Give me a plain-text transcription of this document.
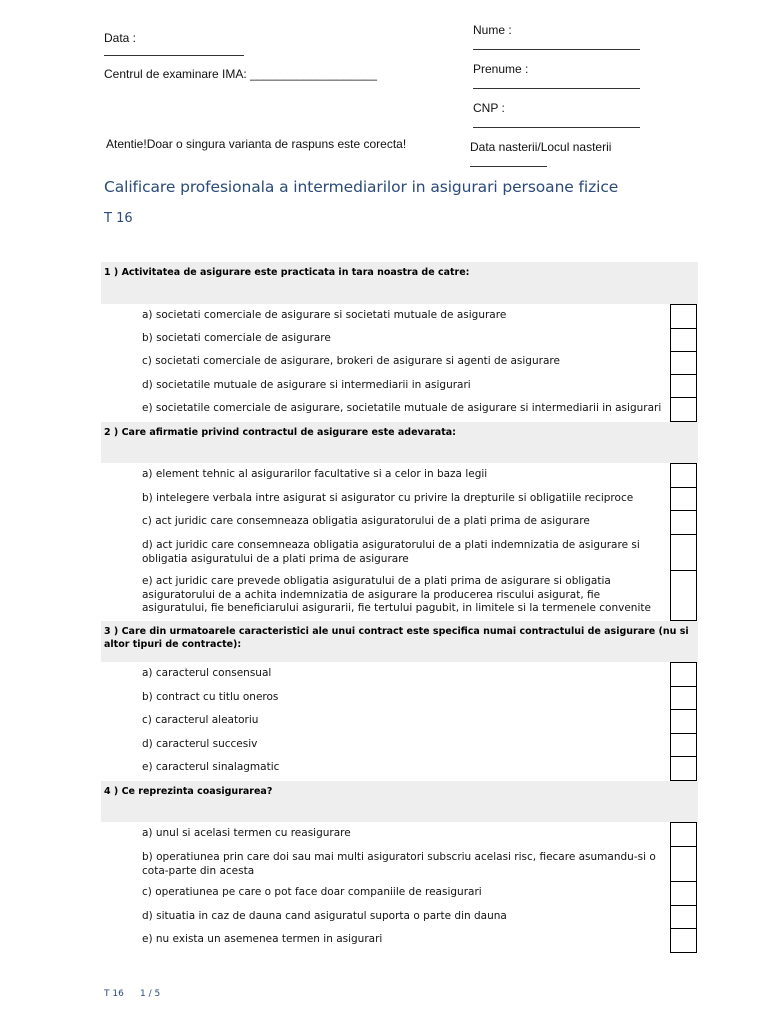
Data :
Centrul de examinare IMA: ___________________
Nume :
Prenume :
CNP :
Data nasterii/Locul nasterii
Atentie!Doar o singura varianta de raspuns este corecta!
Calificare profesionala a intermediarilor in asigurari persoane fizice
T 16
1 ) Activitatea de asigurare este practicata in tara noastra de catre:
a) societati comerciale de asigurare si societati mutuale de asigurare
b) societati comerciale de asigurare
c) societati comerciale de asigurare, brokeri de asigurare si agenti de asigurare
d) societatile mutuale de asigurare si intermediarii in asigurari
e) societatile comerciale de asigurare, societatile mutuale de asigurare si intermediarii in asigurari
2 ) Care afirmatie privind contractul de asigurare este adevarata:
a) element tehnic al asigurarilor facultative si a celor in baza legii
b) intelegere verbala intre asigurat si asigurator cu privire la drepturile si obligatiile reciproce
c) act juridic care consemneaza obligatia asiguratorului de a plati prima de asigurare
d) act juridic care consemneaza obligatia asiguratorului de a plati indemnizatia de asigurare si obligatia asiguratului de a plati prima de asigurare
e) act juridic care prevede obligatia asiguratului de a plati prima de asigurare si obligatia asiguratorului de a achita indemnizatia de asigurare la producerea riscului asigurat, fie asiguratului, fie beneficiarului asigurarii, fie tertului pagubit, in limitele si la termenele convenite
3 ) Care din urmatoarele caracteristici ale unui contract este specifica numai contractului de asigurare (nu si altor tipuri de contracte):
a) caracterul consensual
b) contract cu titlu oneros
c) caracterul aleatoriu
d) caracterul succesiv
e) caracterul sinalagmatic
4 ) Ce reprezinta coasigurarea?
a) unul si acelasi termen cu reasigurare
b) operatiunea prin care doi sau mai multi asiguratori subscriu acelasi risc, fiecare asumandu-si o cota-parte din acesta
c) operatiunea pe care o pot face doar companiile de reasigurari
d) situatia in caz de dauna cand asiguratul suporta o parte din dauna
e) nu exista un asemenea termen in asigurari
T 16 1 / 5
